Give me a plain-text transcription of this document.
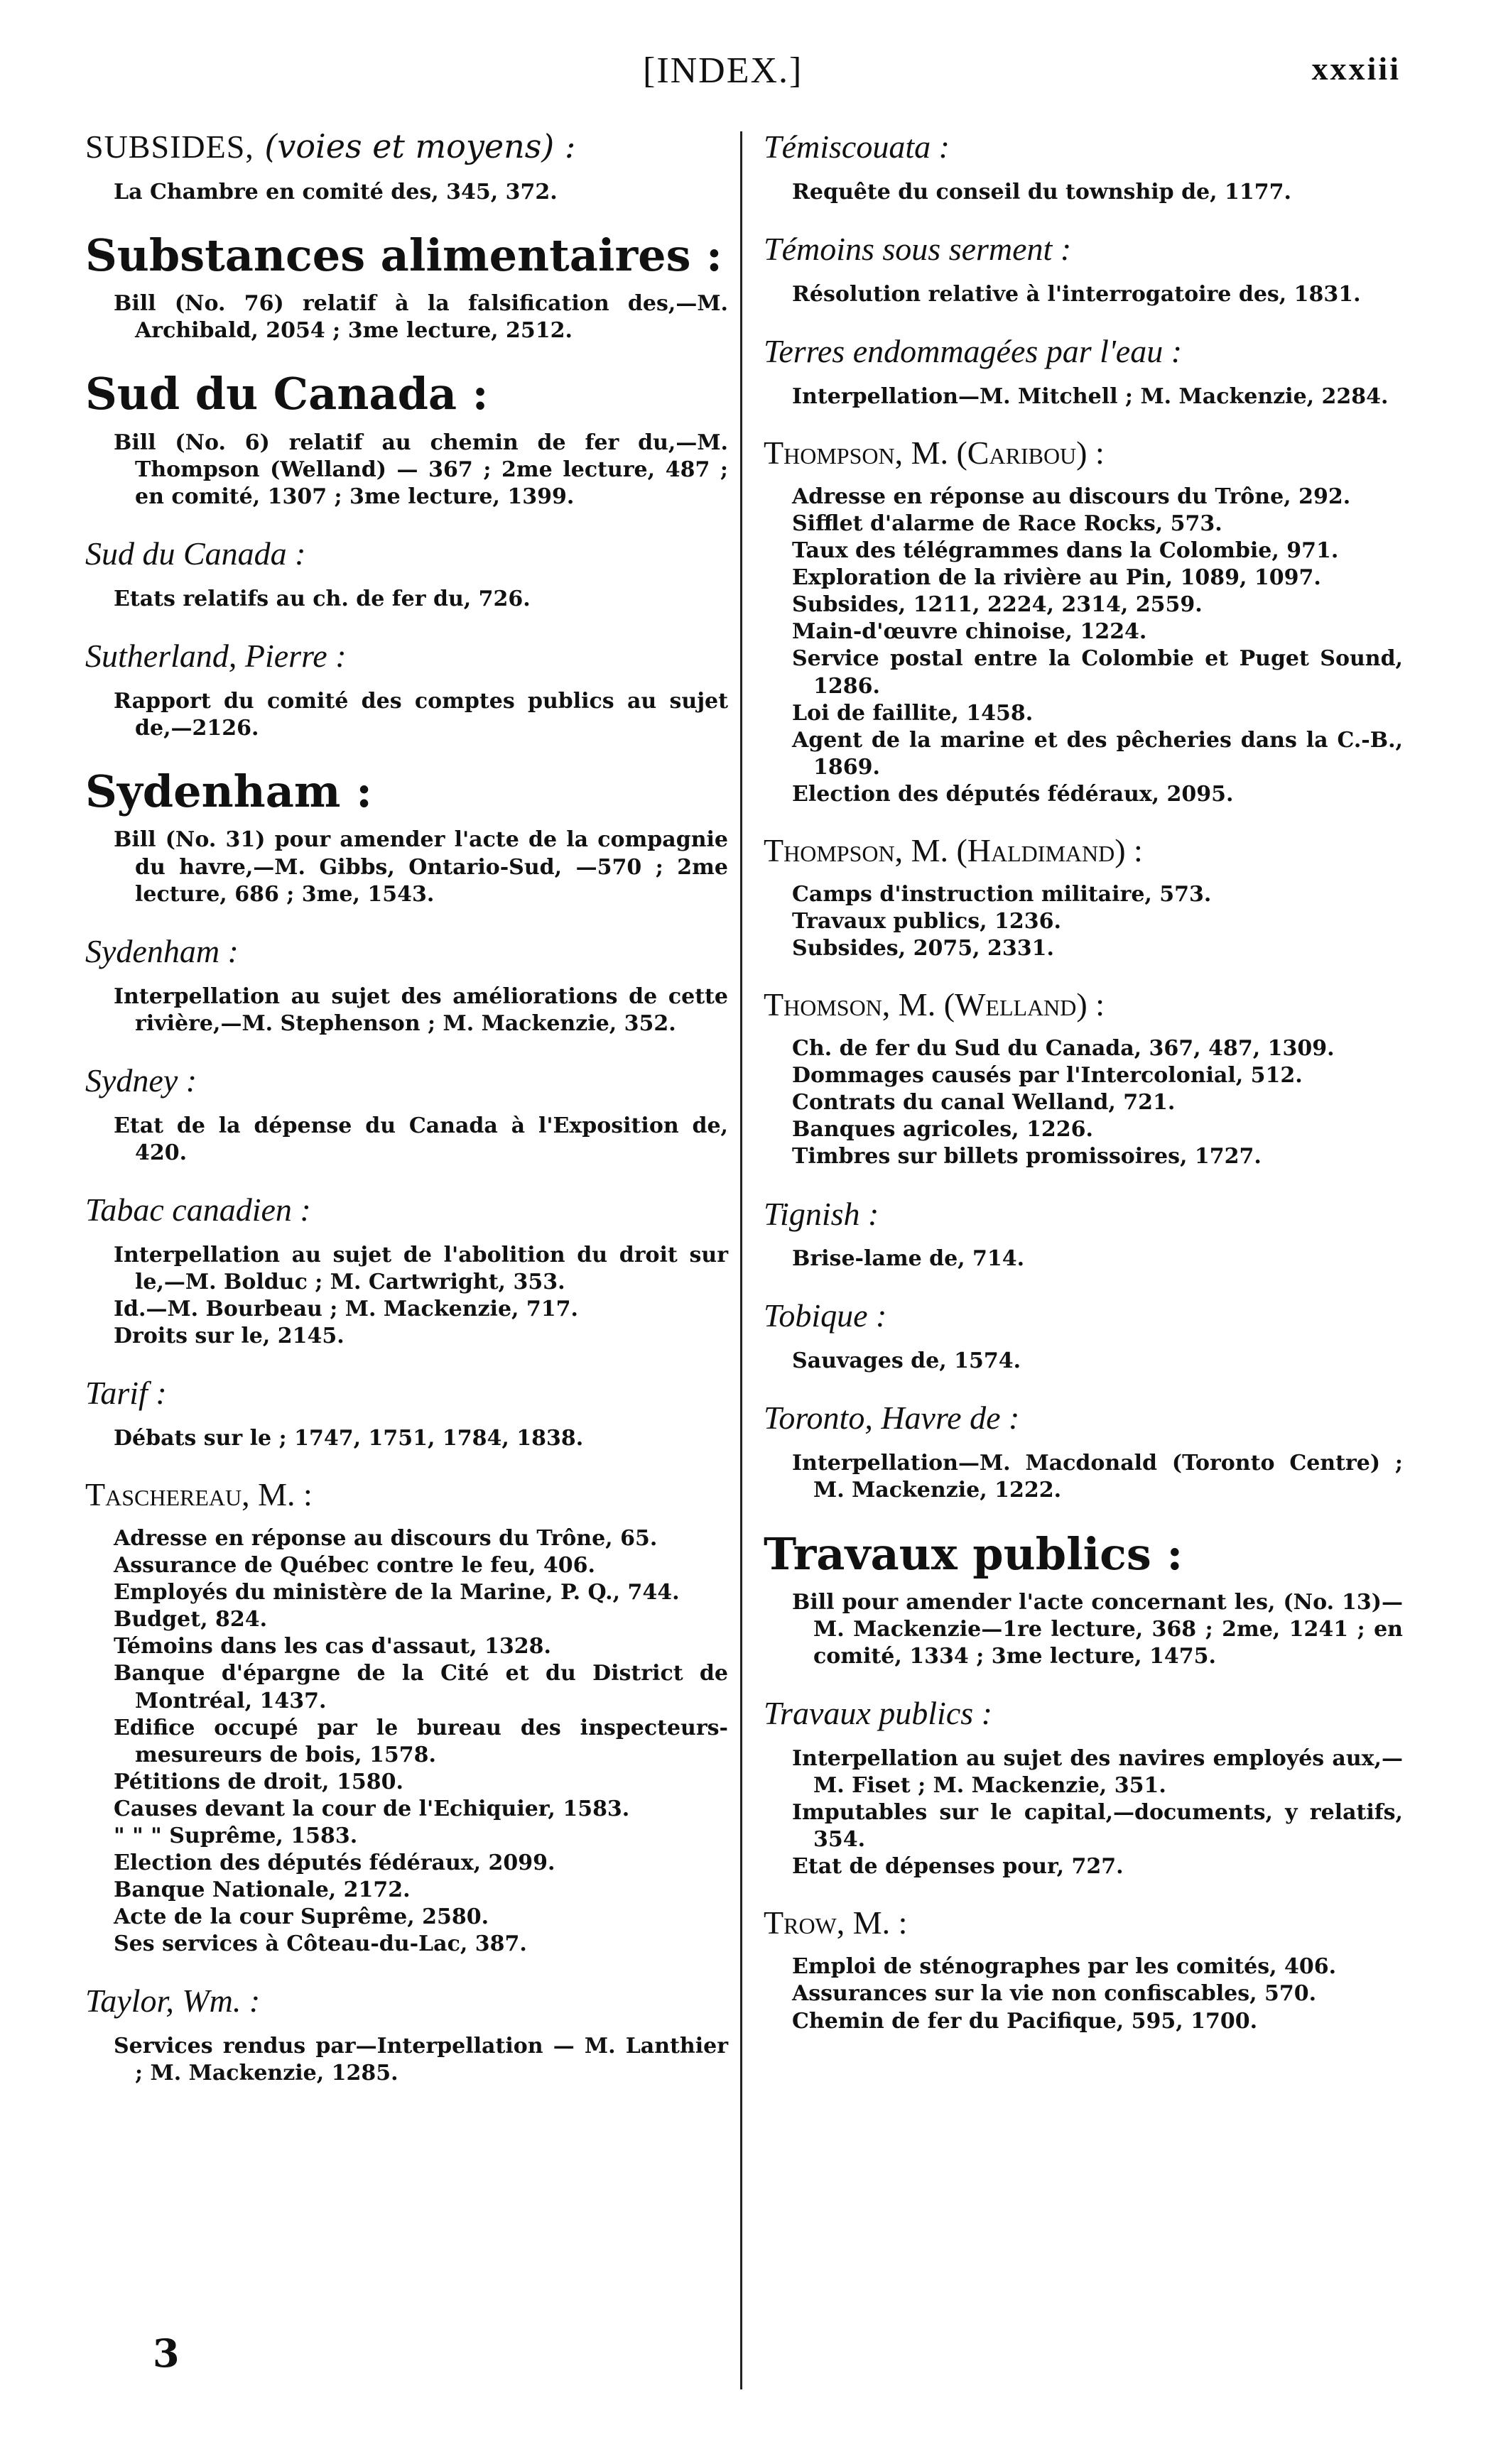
[INDEX.]	xxxiii
SUBSIDES, (voies et moyens) :
La Chambre en comité des, 345, 372.
Substances alimentaires :
Bill (No. 76) relatif à la falsification des,—M. Archibald, 2054 ; 3me lecture, 2512.
Sud du Canada :
Bill (No. 6) relatif au chemin de fer du,—M. Thompson (Welland) — 367 ; 2me lecture, 487 ; en comité, 1307 ; 3me lecture, 1399.
Sud du Canada :
Etats relatifs au ch. de fer du, 726.
Sutherland, Pierre :
Rapport du comité des comptes publics au sujet de,—2126.
Sydenham :
Bill (No. 31) pour amender l'acte de la compagnie du havre,—M. Gibbs, Ontario-Sud, —570 ; 2me lecture, 686 ; 3me, 1543.
Sydenham :
Interpellation au sujet des améliorations de cette rivière,—M. Stephenson ; M. Mackenzie, 352.
Sydney :
Etat de la dépense du Canada à l'Exposition de, 420.
Tabac canadien :
Interpellation au sujet de l'abolition du droit sur le,—M. Bolduc ; M. Cartwright, 353.
Id.—M. Bourbeau ; M. Mackenzie, 717.
Droits sur le, 2145.
Tarif :
Débats sur le ; 1747, 1751, 1784, 1838.
Taschereau, M. :
Adresse en réponse au discours du Trône, 65.
Assurance de Québec contre le feu, 406.
Employés du ministère de la Marine, P. Q., 744.
Budget, 824.
Témoins dans les cas d'assaut, 1328.
Banque d'épargne de la Cité et du District de Montréal, 1437.
Edifice occupé par le bureau des inspecteurs-mesureurs de bois, 1578.
Pétitions de droit, 1580.
Causes devant la cour de l'Echiquier, 1583.
" " " Suprême, 1583.
Election des députés fédéraux, 2099.
Banque Nationale, 2172.
Acte de la cour Suprême, 2580.
Ses services à Côteau-du-Lac, 387.
Taylor, Wm. :
Services rendus par—Interpellation — M. Lanthier ; M. Mackenzie, 1285.
Témiscouata :
Requête du conseil du township de, 1177.
Témoins sous serment :
Résolution relative à l'interrogatoire des, 1831.
Terres endommagées par l'eau :
Interpellation—M. Mitchell ; M. Mackenzie, 2284.
Thompson, M. (Caribou) :
Adresse en réponse au discours du Trône, 292.
Sifflet d'alarme de Race Rocks, 573.
Taux des télégrammes dans la Colombie, 971.
Exploration de la rivière au Pin, 1089, 1097.
Subsides, 1211, 2224, 2314, 2559.
Main-d'œuvre chinoise, 1224.
Service postal entre la Colombie et Puget Sound, 1286.
Loi de faillite, 1458.
Agent de la marine et des pêcheries dans la C.-B., 1869.
Election des députés fédéraux, 2095.
Thompson, M. (Haldimand) :
Camps d'instruction militaire, 573.
Travaux publics, 1236.
Subsides, 2075, 2331.
Thomson, M. (Welland) :
Ch. de fer du Sud du Canada, 367, 487, 1309.
Dommages causés par l'Intercolonial, 512.
Contrats du canal Welland, 721.
Banques agricoles, 1226.
Timbres sur billets promissoires, 1727.
Tignish :
Brise-lame de, 714.
Tobique :
Sauvages de, 1574.
Toronto, Havre de :
Interpellation—M. Macdonald (Toronto Centre) ; M. Mackenzie, 1222.
Travaux publics :
Bill pour amender l'acte concernant les, (No. 13)—M. Mackenzie—1re lecture, 368 ; 2me, 1241 ; en comité, 1334 ; 3me lecture, 1475.
Travaux publics :
Interpellation au sujet des navires employés aux,—M. Fiset ; M. Mackenzie, 351.
Imputables sur le capital,—documents, y relatifs, 354.
Etat de dépenses pour, 727.
Trow, M. :
Emploi de sténographes par les comités, 406.
Assurances sur la vie non confiscables, 570.
Chemin de fer du Pacifique, 595, 1700.
3
